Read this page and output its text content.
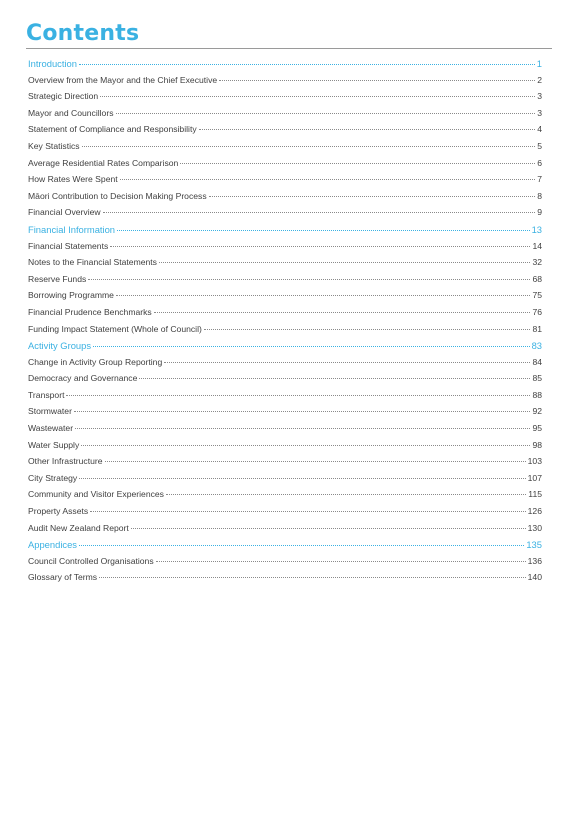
Contents
Introduction	1
Overview from the Mayor and the Chief Executive	2
Strategic Direction	3
Mayor and Councillors	3
Statement of Compliance and Responsibility	4
Key Statistics	5
Average Residential Rates Comparison	6
How Rates Were Spent	7
Māori Contribution to Decision Making Process	8
Financial Overview	9
Financial Information	13
Financial Statements	14
Notes to the Financial Statements	32
Reserve Funds	68
Borrowing Programme	75
Financial Prudence Benchmarks	76
Funding Impact Statement (Whole of Council)	81
Activity Groups	83
Change in Activity Group Reporting	84
Democracy and Governance	85
Transport	88
Stormwater	92
Wastewater	95
Water Supply	98
Other Infrastructure	103
City Strategy	107
Community and Visitor Experiences	115
Property Assets	126
Audit New Zealand Report	130
Appendices	135
Council Controlled Organisations	136
Glossary of Terms	140
